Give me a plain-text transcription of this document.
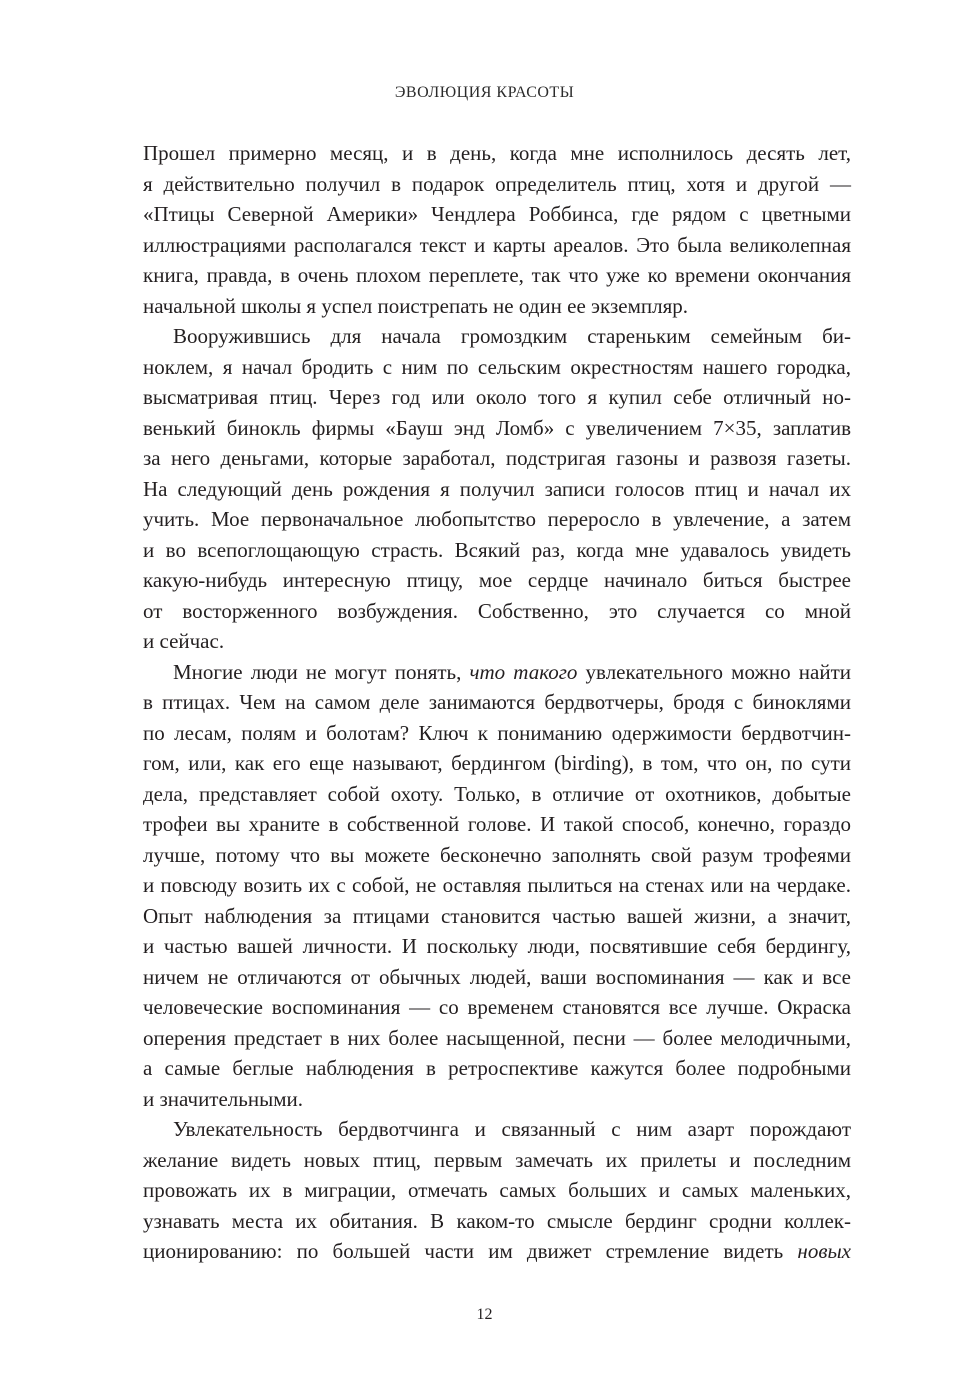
ЭВОЛЮЦИЯ КРАСОТЫ
Прошел примерно месяц, и в день, когда мне исполнилось десять лет,
я действительно получил в подарок определитель птиц, хотя и другой —
«Птицы Северной Америки» Чендлера Роббинса, где рядом с цветными
иллюстрациями располагался текст и карты ареалов. Это была великолепная
книга, правда, в очень плохом переплете, так что уже ко времени окончания
начальной школы я успел поистрепать не один ее экземпляр.
Вооружившись для начала громоздким стареньким семейным би-
ноклем, я начал бродить с ним по сельским окрестностям нашего городка,
высматривая птиц. Через год или около того я купил себе отличный но-
венький бинокль фирмы «Бауш энд Ломб» с увеличением 7×35, заплатив
за него деньгами, которые заработал, подстригая газоны и развозя газеты.
На следующий день рождения я получил записи голосов птиц и начал их
учить. Мое первоначальное любопытство переросло в увлечение, а затем
и во всепоглощающую страсть. Всякий раз, когда мне удавалось увидеть
какую-нибудь интересную птицу, мое сердце начинало биться быстрее
от восторженного возбуждения. Собственно, это случается со мной
и сейчас.
Многие люди не могут понять, что такого увлекательного можно найти
в птицах. Чем на самом деле занимаются бердвотчеры, бродя с биноклями
по лесам, полям и болотам? Ключ к пониманию одержимости бердвотчин-
гом, или, как его еще называют, бердингом (birding), в том, что он, по сути
дела, представляет собой охоту. Только, в отличие от охотников, добытые
трофеи вы храните в собственной голове. И такой способ, конечно, гораздо
лучше, потому что вы можете бесконечно заполнять свой разум трофеями
и повсюду возить их с собой, не оставляя пылиться на стенах или на чердаке.
Опыт наблюдения за птицами становится частью вашей жизни, а значит,
и частью вашей личности. И поскольку люди, посвятившие себя бердингу,
ничем не отличаются от обычных людей, ваши воспоминания — как и все
человеческие воспоминания — со временем становятся все лучше. Окраска
оперения предстает в них более насыщенной, песни — более мелодичными,
а самые беглые наблюдения в ретроспективе кажутся более подробными
и значительными.
Увлекательность бердвотчинга и связанный с ним азарт порождают
желание видеть новых птиц, первым замечать их прилеты и последним
провожать их в миграции, отмечать самых больших и самых маленьких,
узнавать места их обитания. В каком-то смысле бердинг сродни коллек-
ционированию: по большей части им движет стремление видеть новых
12
